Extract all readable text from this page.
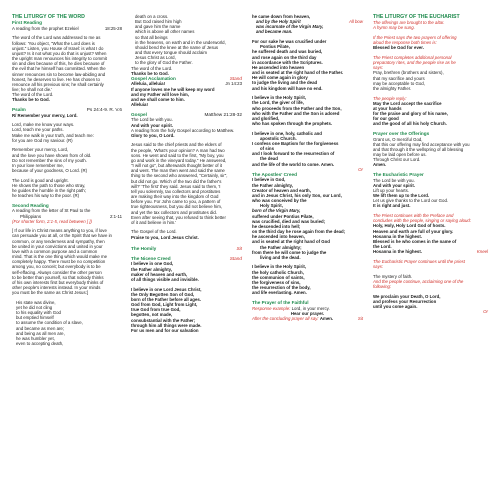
THE LITURGY OF THE WORD
First Reading
A reading from the prophet Ezekiel	18:25-28
The word of the Lord was addressed to me as
follows: 'You object, "What the Lord does is
unjust." Listen, you House of Israel: is what I do
unjust? Is it not what you do that is unjust? When
the upright man renounces his integrity to commit
sin and dies because of this, he dies because of
the evil that he himself has committed. When the
sinner renounces sin to become law-abiding and
honest, he deserves to live. He has chosen to
renounce all his previous sins; he shall certainly
live; he shall not die.'
The word of the Lord.
Thanks be to God.
Psalm	Ps 24:4-9. R. V.6
R/ Remember your mercy, Lord.
Lord, make me know your ways.
Lord, teach me your paths.
Make me walk in your truth, and teach me:
for you are God my saviour. (R)
Remember your mercy, Lord,
and the love you have shown from of old.
Do not remember the sins of my youth.
In your love remember me,
because of your goodness, O Lord. (R)
The Lord is good and upright.
He shows the path to those who stray,
he guides the humble in the right path;
he teaches his way to the poor. (R)
Second Reading
A reading from the letter of St Paul to the
Philippians	2:1-11
(For shorter form, 2:1-5, read between [ ])
[ If our life in Christ means anything to you, if love
can persuade you at all, or the Spirit that we have in
common, or any tenderness and sympathy, then
be united in your convictions and united in your
love with a common purpose and a common
mind. That is the one thing which would make me
completely happy. There must be no competition
among you, no conceit; but everybody is to be
self-effacing. Always consider the other person
to be better than yourself, so that nobody thinks
of his own interests first but everybody thinks of
other people's interests instead. In your minds
you must be the same as Christ Jesus:]
His state was divine,
yet he did not cling
to his equality with God
but emptied himself
to assume the condition of a slave,
and became as men are;
and being as all men are,
he was humbler yet,
even to accepting death,
death on a cross.
But God raised him high
and gave him the name
which is above all other names
so that all beings
in the heavens, on earth and in the underworld,
should bend the knee at the name of Jesus
and that every tongue should acclaim
Jesus Christ as Lord,
to the glory of God the Father.
The word of the Lord.
Thanks be to God.
Gospel Acclamation	Stand
Alleluia, alleluia!	Jn 14:23
If anyone loves me he will keep my word
and my Father will love him,
and we shall come to him.
Alleluia!
Gospel	Matthew 21:28-32
The Lord be with you.
And with your spirit.
A reading from the holy Gospel according to Matthew.
Glory to you, O Lord.
Jesus said to the chief priests and the elders of
the people, 'What's your opinion? A man had two
sons. He went and said to the first, "My boy, you
go and work in the vineyard today." He answered,
"I will not go", but afterwards thought better of it
and went. The man then went and said the same
thing to the second who answered, "Certainly, sir",
but did not go. Which of the two did the father's
will?' 'The first' they said. Jesus said to them, 'I
tell you solemnly, tax collectors and prostitutes
are making their way into the kingdom of God
before you. For John came to you, a pattern of
true righteousness, but you did not believe him,
and yet the tax collectors and prostitutes did.
Even after seeing that, you refused to think better
of it and believe in him.'
The Gospel of the Lord.
Praise to you, Lord Jesus Christ.
The Homily	Sit
The Nicene Creed	Stand
I believe in one God,
the Father almighty,
maker of heaven and earth,
of all things visible and invisible.
I believe in one Lord Jesus Christ,
the Only Begotten Son of God,
born of the Father before all ages.
God from God, Light from Light,
true God from true God,
begotten, not made,
consubstantial with the Father;
through him all things were made.
For us men and for our salvation
he came down from heaven,
and by the Holy Spirit	All bow
was incarnate of the Virgin Mary,
and became man.
For our sake he was crucified under
Pontius Pilate,
he suffered death and was buried,
and rose again on the third day
in accordance with the Scriptures.
He ascended into heaven
and is seated at the right hand of the Father.
He will come again in glory
to judge the living and the dead
and his kingdom will have no end.
I believe in the Holy Spirit,
the Lord, the giver of life,
who proceeds from the Father and the Son,
who with the Father and the Son is adored
and glorified,
who has spoken through the prophets.
I believe in one, holy, catholic and
apostolic Church.
I confess one Baptism for the forgiveness
of sins
and I look forward to the resurrection of
the dead
and the life of the world to come. Amen.
Or
The Apostles' Creed
I believe in God,
the Father almighty,
Creator of heaven and earth,
and in Jesus Christ, his only Son, our Lord,
who was conceived by the
Holy Spirit,
born of the Virgin Mary,
suffered under Pontius Pilate,
was crucified, died and was buried;
he descended into hell;
on the third day he rose again from the dead;
he ascended into heaven,
and is seated at the right hand of God
the Father almighty;
from there he will come to judge the
living and the dead.
I believe in the Holy Spirit,
the holy catholic Church,
the communion of saints,
the forgiveness of sins,
the resurrection of the body,
and life everlasting. Amen.
The Prayer of the Faithful
Response example: Lord, in your mercy.
Hear our prayer.
After the concluding prayer all say: Amen.	Sit
THE LITURGY OF THE EUCHARIST
The offerings are brought to the altar.
A hymn may be sung.
If the Priest says the two prayers of offering
aloud the response both times is:
Blessed be God for ever.
The Priest completes additional personal
preparatory rites, and the people rise as he
says:
Pray, brethren (brothers and sisters),
that my sacrifice and yours
may be acceptable to God,
the almighty Father.
The people reply:
May the Lord accept the sacrifice
at your hands
for the praise and glory of his name,
for our good
and the good of all his holy Church.
Prayer over the Offerings
Grant us, O merciful God,
that this our offering may find acceptance with you
and that through it the wellspring of all blessing
may be laid open before us.
Through Christ our Lord.
Amen.
The Eucharistic Prayer
The Lord be with you.
And with your spirit.
Lift up your hearts.
We lift them up to the Lord.
Let us give thanks to the Lord our God.
It is right and just.
The Priest continues with the Preface and
concludes with the people, singing or saying aloud:
Holy, Holy, Holy Lord God of hosts.
Heaven and earth are full of your glory.
Hosanna in the highest.
Blessed is he who comes in the name of
the Lord.
Hosanna in the highest.	Kneel
The Eucharistic Prayer continues until the priest
says:
The mystery of faith.
And the people continue, acclaiming one of the
following:
We proclaim your Death, O Lord,
and profess your Resurrection
until you come again.
Or
